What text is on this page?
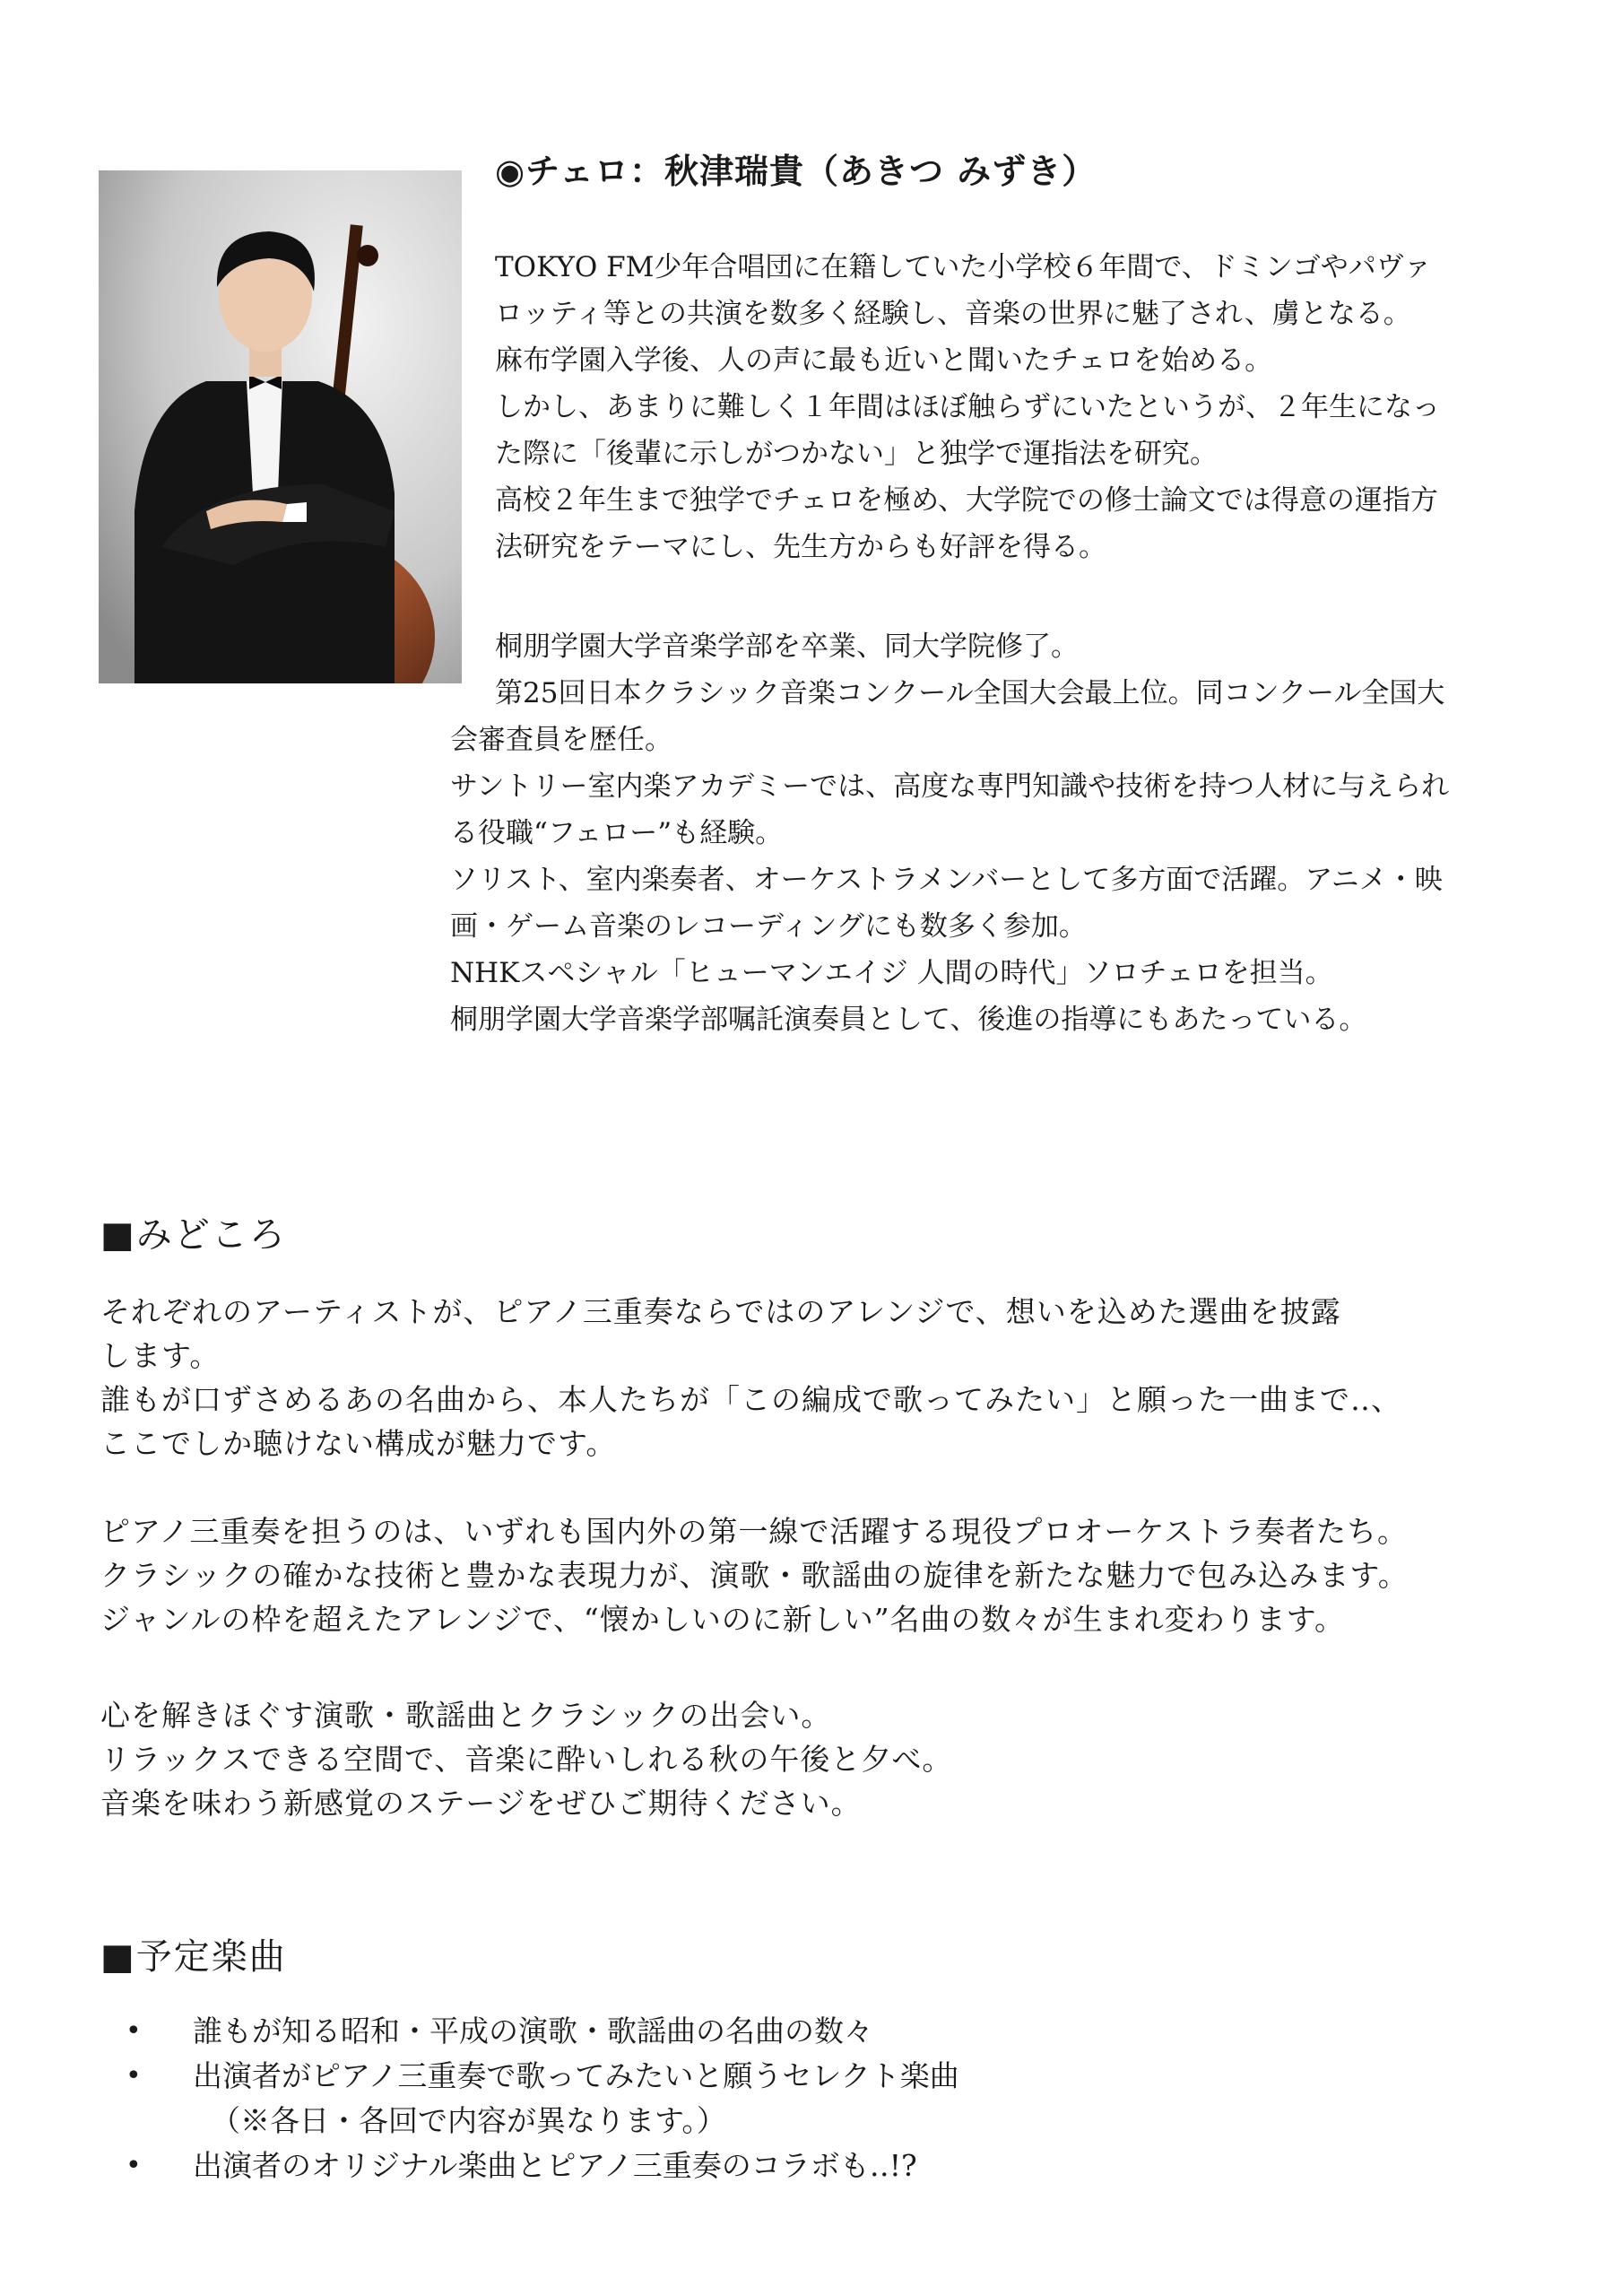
◉チェロ：秋津瑞貴（あきつ みずき）
TOKYO FM少年合唱団に在籍していた小学校６年間で、ドミンゴやパヴァ
ロッティ等との共演を数多く経験し、音楽の世界に魅了され、虜となる。
麻布学園入学後、人の声に最も近いと聞いたチェロを始める。
しかし、あまりに難しく１年間はほぼ触らずにいたというが、２年生になっ
た際に「後輩に示しがつかない」と独学で運指法を研究。
高校２年生まで独学でチェロを極め、大学院での修士論文では得意の運指方
法研究をテーマにし、先生方からも好評を得る。
桐朋学園大学音楽学部を卒業、同大学院修了。
第25回日本クラシック音楽コンクール全国大会最上位。同コンクール全国大
会審査員を歴任。
サントリー室内楽アカデミーでは、高度な専門知識や技術を持つ人材に与えられ
る役職“フェロー”も経験。
ソリスト、室内楽奏者、オーケストラメンバーとして多方面で活躍。アニメ・映
画・ゲーム音楽のレコーディングにも数多く参加。
NHKスペシャル「ヒューマンエイジ 人間の時代」ソロチェロを担当。
桐朋学園大学音楽学部嘱託演奏員として、後進の指導にもあたっている。
■みどころ
それぞれのアーティストが、ピアノ三重奏ならではのアレンジで、想いを込めた選曲を披露
します。
誰もが口ずさめるあの名曲から、本人たちが「この編成で歌ってみたい」と願った一曲まで‥、
ここでしか聴けない構成が魅力です。
ピアノ三重奏を担うのは、いずれも国内外の第一線で活躍する現役プロオーケストラ奏者たち。
クラシックの確かな技術と豊かな表現力が、演歌・歌謡曲の旋律を新たな魅力で包み込みます。
ジャンルの枠を超えたアレンジで、“懐かしいのに新しい”名曲の数々が生まれ変わります。
心を解きほぐす演歌・歌謡曲とクラシックの出会い。
リラックスできる空間で、音楽に酔いしれる秋の午後と夕べ。
音楽を味わう新感覚のステージをぜひご期待ください。
■予定楽曲
•	誰もが知る昭和・平成の演歌・歌謡曲の名曲の数々
•	出演者がピアノ三重奏で歌ってみたいと願うセレクト楽曲
（※各日・各回で内容が異なります。）
•	出演者のオリジナル楽曲とピアノ三重奏のコラボも‥!?
